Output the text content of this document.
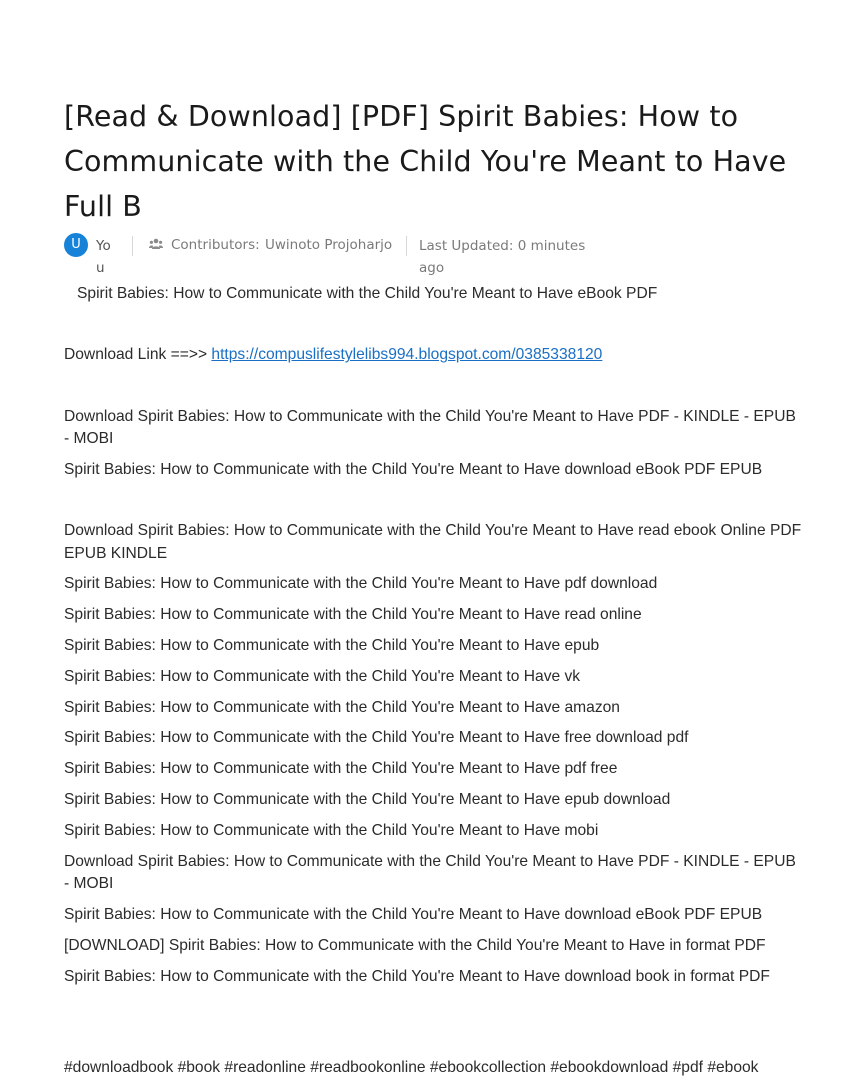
[Read & Download] [PDF] Spirit Babies: How to Communicate with the Child You're Meant to Have Full B
U	You
Contributors: Uwinoto Projoharjo Last Updated: 0 minutes ago

Spirit Babies: How to Communicate with the Child You're Meant to Have eBook PDF

Download Link ==>> https://compuslifestylelibs994.blogspot.com/0385338120

Download Spirit Babies: How to Communicate with the Child You're Meant to Have PDF - KINDLE - EPUB - MOBI

Spirit Babies: How to Communicate with the Child You're Meant to Have download eBook PDF EPUB

Download Spirit Babies: How to Communicate with the Child You're Meant to Have read ebook Online PDF EPUB KINDLE

Spirit Babies: How to Communicate with the Child You're Meant to Have pdf download

Spirit Babies: How to Communicate with the Child You're Meant to Have read online

Spirit Babies: How to Communicate with the Child You're Meant to Have epub

Spirit Babies: How to Communicate with the Child You're Meant to Have vk

Spirit Babies: How to Communicate with the Child You're Meant to Have amazon

Spirit Babies: How to Communicate with the Child You're Meant to Have free download pdf

Spirit Babies: How to Communicate with the Child You're Meant to Have pdf free

Spirit Babies: How to Communicate with the Child You're Meant to Have epub download

Spirit Babies: How to Communicate with the Child You're Meant to Have mobi

Download Spirit Babies: How to Communicate with the Child You're Meant to Have PDF - KINDLE - EPUB - MOBI

Spirit Babies: How to Communicate with the Child You're Meant to Have download eBook PDF EPUB

[DOWNLOAD] Spirit Babies: How to Communicate with the Child You're Meant to Have in format PDF

Spirit Babies: How to Communicate with the Child You're Meant to Have download book in format PDF

#downloadbook #book #readonline #readbookonline #ebookcollection #ebookdownload #pdf #ebook
